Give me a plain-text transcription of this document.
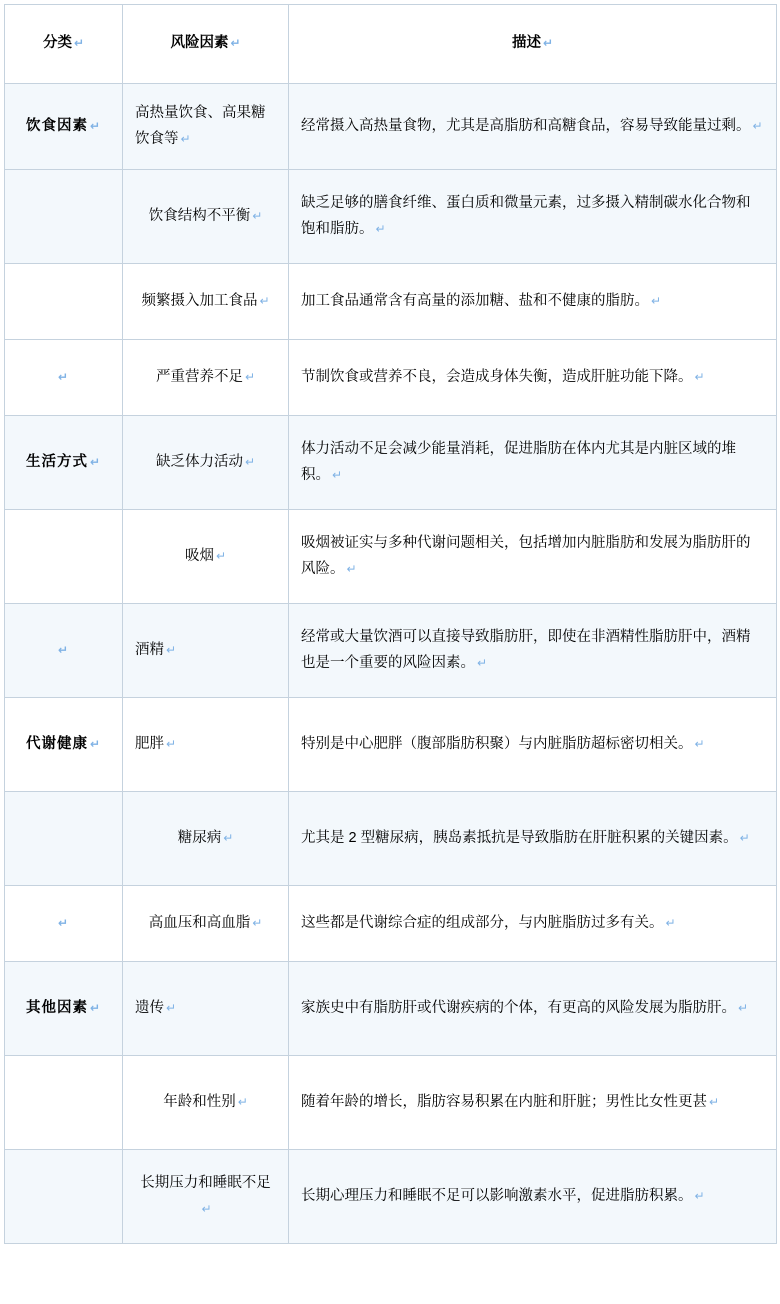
分类 ↵	风险因素 ↵	描述 ↵
饮食因素 ↵	高热量饮食、高果糖饮食等 ↵	经常摄入高热量食物，尤其是高脂肪和高糖食品，容易导致能量过剩。 ↵
	饮食结构不平衡 ↵	缺乏足够的膳食纤维、蛋白质和微量元素，过多摄入精制碳水化合物和饱和脂肪。 ↵
	频繁摄入加工食品 ↵	加工食品通常含有高量的添加糖、盐和不健康的脂肪。 ↵
↵	严重营养不足 ↵	节制饮食或营养不良，会造成身体失衡，造成肝脏功能下降。 ↵
生活方式 ↵	缺乏体力活动 ↵	体力活动不足会减少能量消耗，促进脂肪在体内尤其是内脏区域的堆积。 ↵
	吸烟 ↵	吸烟被证实与多种代谢问题相关，包括增加内脏脂肪和发展为脂肪肝的风险。 ↵
↵	酒精 ↵	经常或大量饮酒可以直接导致脂肪肝，即使在非酒精性脂肪肝中，酒精也是一个重要的风险因素。 ↵
代谢健康 ↵	肥胖 ↵	特别是中心肥胖（腹部脂肪积聚）与内脏脂肪超标密切相关。 ↵
	糖尿病 ↵	尤其是 2 型糖尿病，胰岛素抵抗是导致脂肪在肝脏积累的关键因素。 ↵
↵	高血压和高血脂 ↵	这些都是代谢综合症的组成部分，与内脏脂肪过多有关。 ↵
其他因素 ↵	遗传 ↵	家族史中有脂肪肝或代谢疾病的个体，有更高的风险发展为脂肪肝。 ↵
	年龄和性别 ↵	随着年龄的增长，脂肪容易积累在内脏和肝脏；男性比女性更甚 ↵
	长期压力和睡眠不足↵	长期心理压力和睡眠不足可以影响激素水平，促进脂肪积累。 ↵
